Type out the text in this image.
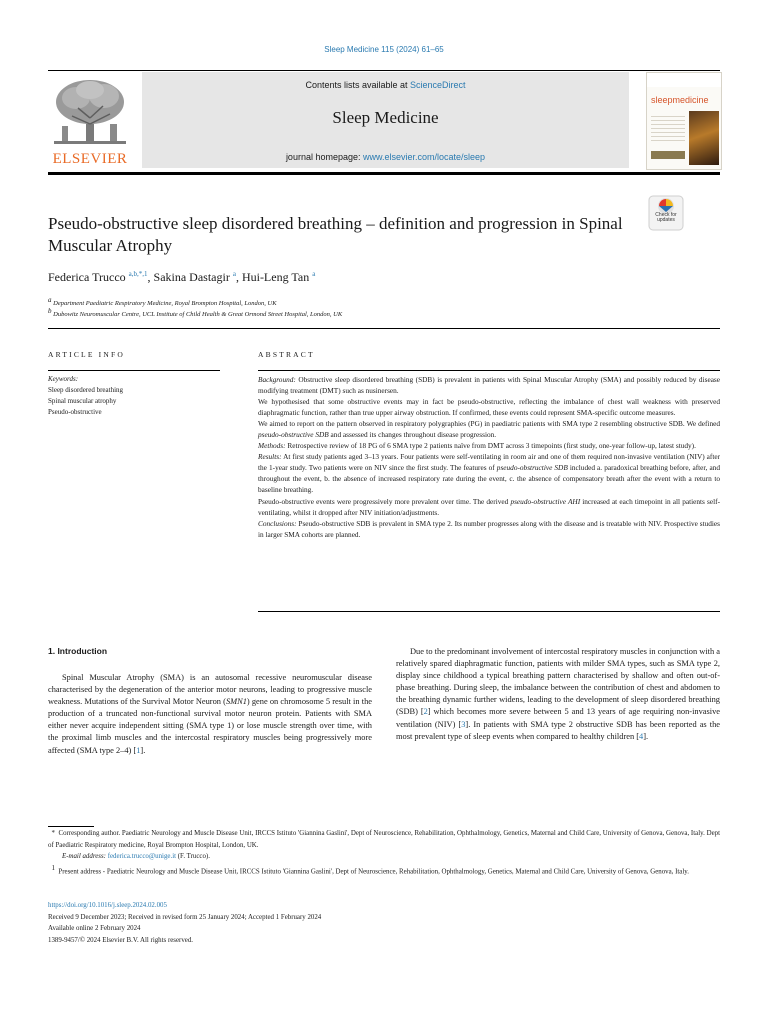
Sleep Medicine 115 (2024) 61–65
ELSEVIER
Contents lists available at ScienceDirect
Sleep Medicine
journal homepage: www.elsevier.com/locate/sleep
sleepmedicine
Pseudo-obstructive sleep disordered breathing – definition and progression in Spinal Muscular Atrophy
Check for updates
Federica Trucco $^{a,b,*,1}$, Sakina Dastagir $^a$, Hui-Leng Tan $^a$
$^a$ Department Paediatric Respiratory Medicine, Royal Brompton Hospital, London, UK
$^b$ Dubowitz Neuromuscular Centre, UCL Institute of Child Health & Great Ormond Street Hospital, London, UK
ARTICLE INFO	ABSTRACT
Keywords:
Sleep disordered breathing
Spinal muscular atrophy
Pseudo-obstructive

Background: Obstructive sleep disordered breathing (SDB) is prevalent in patients with Spinal Muscular Atrophy (SMA) and possibly reduced by disease modifying treatment (DMT) such as nusinersen.

We hypothesised that some obstructive events may in fact be pseudo-obstructive, reflecting the imbalance of chest wall weakness with preserved diaphragmatic function, rather than true upper airway obstruction. If confirmed, these events could represent SMA-specific outcome measures.

We aimed to report on the pattern observed in respiratory polygraphies (PG) in paediatric patients with SMA type 2 resembling obstructive SDB. We defined pseudo-obstructive SDB and assessed its changes throughout disease progression.

Methods: Retrospective review of 18 PG of 6 SMA type 2 patients naïve from DMT across 3 timepoints (first study, one-year follow-up, latest study).

Results: At first study patients aged 3–13 years. Four patients were self-ventilating in room air and one of them required non-invasive ventilation (NIV) after the 1-year study. Two patients were on NIV since the first study. The features of pseudo-obstructive SDB included a. paradoxical breathing before, after, and throughout the event, b. the absence of increased respiratory rate during the event, c. the absence of compensatory breath after the event with a return to baseline breathing.

Pseudo-obstructive events were progressively more prevalent over time. The derived pseudo-obstructive AHI increased at each timepoint in all patients self-ventilating, whilst it dropped after NIV initiation/adjustments.

Conclusions: Pseudo-obstructive SDB is prevalent in SMA type 2. Its number progresses along with the disease and is treatable with NIV. Prospective studies in larger SMA cohorts are planned.

1. Introduction

Spinal Muscular Atrophy (SMA) is an autosomal recessive neuromuscular disease characterised by the degeneration of the anterior motor neurons, leading to progressive muscle weakness. Mutations of the Survival Motor Neuron (SMN1) gene on chromosome 5 result in the production of a truncated non-functional survival motor neuron protein. Patients with SMA either never acquire independent sitting (SMA type 1) or lose muscle strength over time, with the proximal limb muscles and the intercostal respiratory muscles being progressively more affected (SMA type 2–4) [1].

Due to the predominant involvement of intercostal respiratory muscles in conjunction with a relatively spared diaphragmatic function, patients with milder SMA types, such as SMA type 2, display since childhood a typical breathing pattern characterised by shallow and often out-of-phase breathing. During sleep, the imbalance between the contribution of chest and abdomen to the breathing dynamic further widens, leading to the development of sleep disordered breathing (SDB) [2] which becomes more severe between 5 and 13 years of age requiring non-invasive ventilation (NIV) [3]. In patients with SMA type 2 obstructive SDB has been reported as the most prevalent type of sleep events when compared to healthy children [4].

* Corresponding author. Paediatric Neurology and Muscle Disease Unit, IRCCS Istituto 'Giannina Gaslini', Dept of Neuroscience, Rehabilitation, Ophthalmology, Genetics, Maternal and Child Care, University of Genova, Genova, Italy. Dept of Paediatric Respiratory medicine, Royal Brompton Hospital, London, UK.

E-mail address: federica.trucco@unige.it (F. Trucco).

$^1$ Present address - Paediatric Neurology and Muscle Disease Unit, IRCCS Istituto 'Giannina Gaslini', Dept of Neuroscience, Rehabilitation, Ophthalmology, Genetics, Maternal and Child Care, University of Genova, Genova, Italy.

https://doi.org/10.1016/j.sleep.2024.02.005
Received 9 December 2023; Received in revised form 25 January 2024; Accepted 1 February 2024
Available online 2 February 2024
1389-9457/© 2024 Elsevier B.V. All rights reserved.
